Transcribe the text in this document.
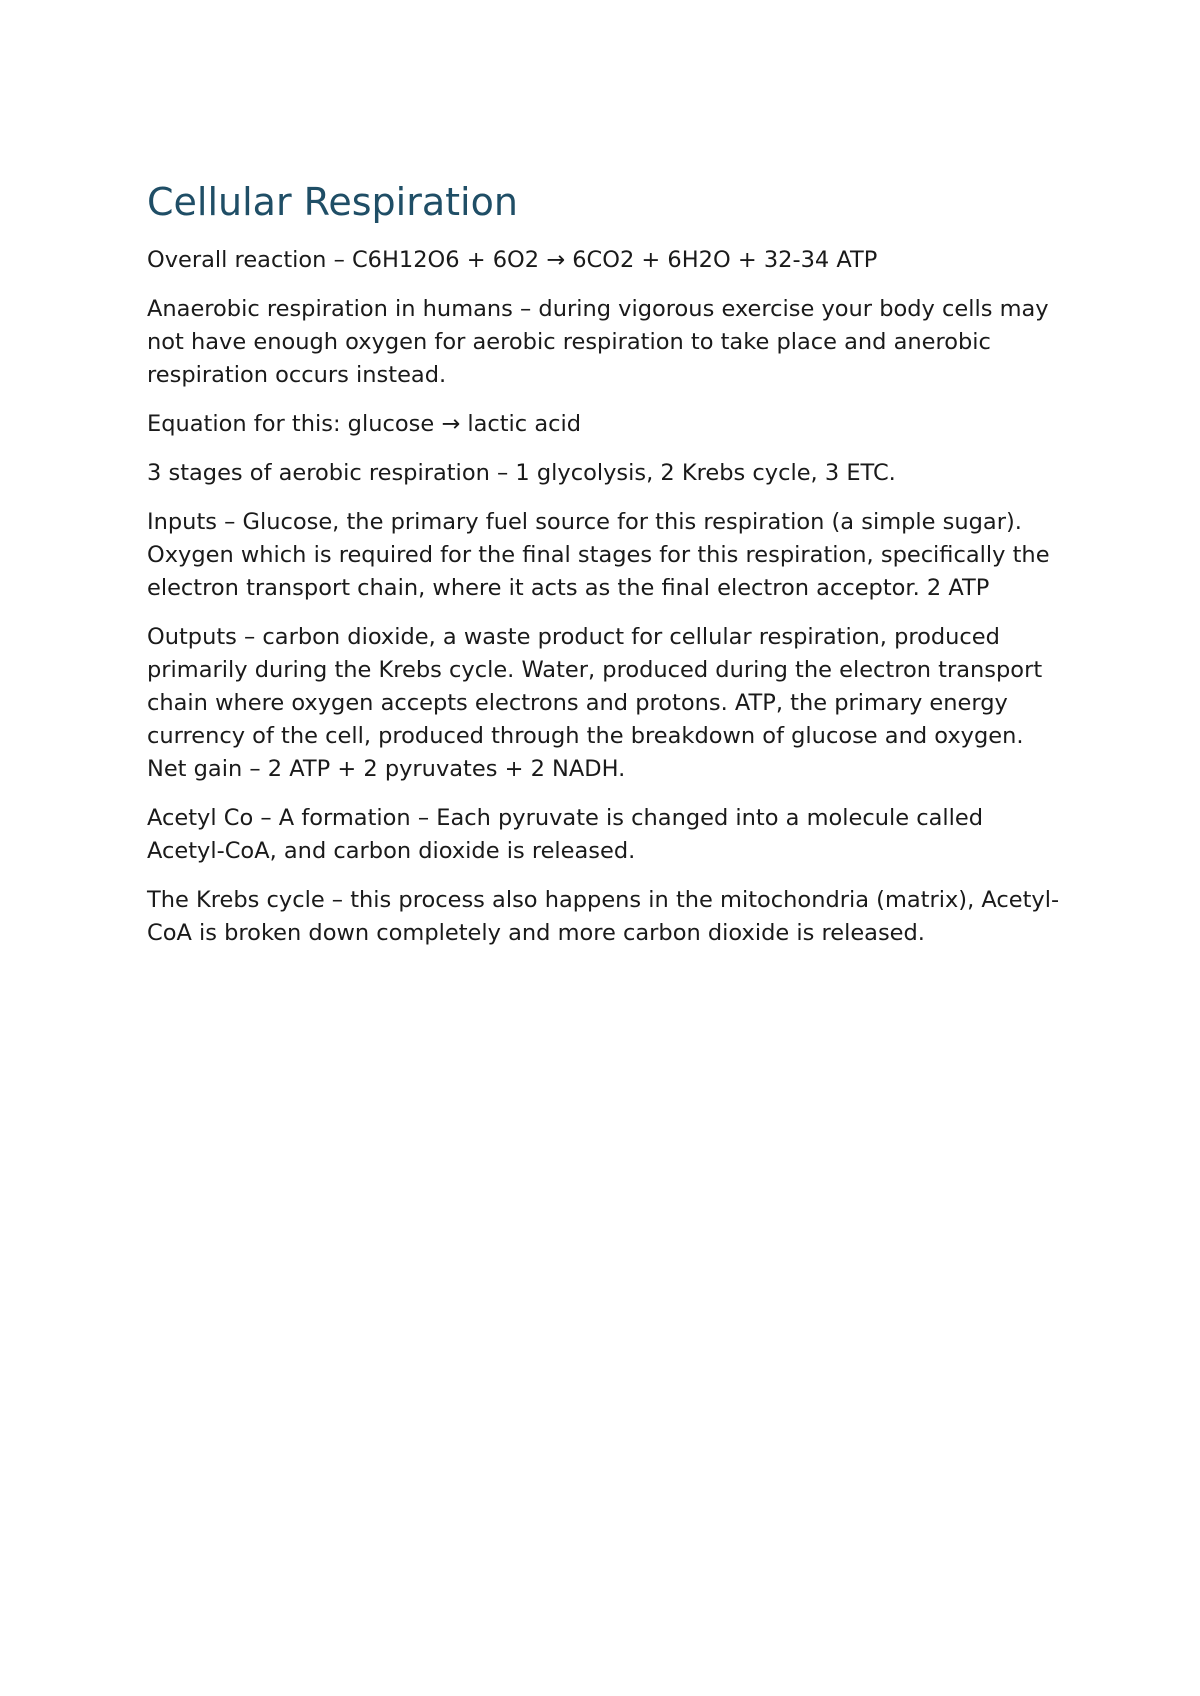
Cellular Respiration

Overall reaction – C6H12O6 + 6O2 → 6CO2 + 6H2O + 32-34 ATP

Anaerobic respiration in humans – during vigorous exercise your body cells may not have enough oxygen for aerobic respiration to take place and anerobic respiration occurs instead.

Equation for this: glucose → lactic acid

3 stages of aerobic respiration – 1 glycolysis, 2 Krebs cycle, 3 ETC.

Inputs – Glucose, the primary fuel source for this respiration (a simple sugar). Oxygen which is required for the final stages for this respiration, specifically the electron transport chain, where it acts as the final electron acceptor. 2 ATP

Outputs – carbon dioxide, a waste product for cellular respiration, produced primarily during the Krebs cycle. Water, produced during the electron transport chain where oxygen accepts electrons and protons. ATP, the primary energy currency of the cell, produced through the breakdown of glucose and oxygen. Net gain – 2 ATP + 2 pyruvates + 2 NADH.

Acetyl Co – A formation – Each pyruvate is changed into a molecule called Acetyl-CoA, and carbon dioxide is released.

The Krebs cycle – this process also happens in the mitochondria (matrix), Acetyl-CoA is broken down completely and more carbon dioxide is released.
